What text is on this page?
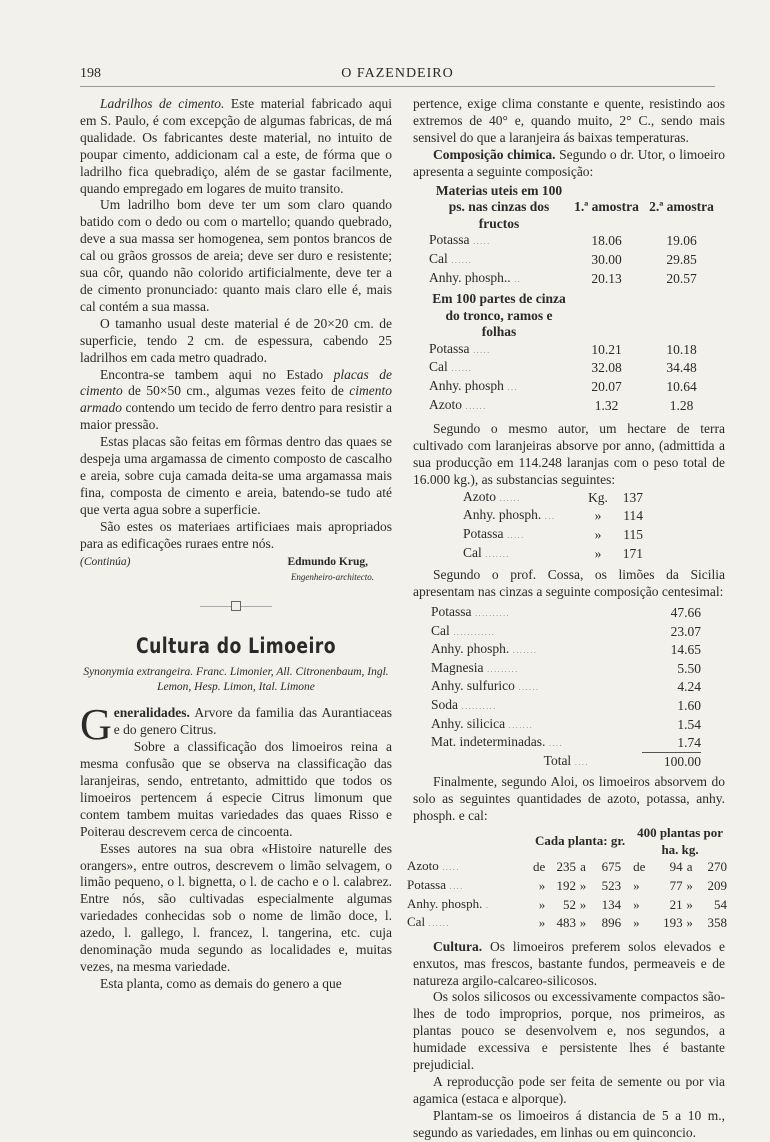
198	O FAZENDEIRO

Ladrilhos de cimento. Este material fabricado aqui em S. Paulo, é com excepção de algumas fabricas, de má qualidade. Os fabricantes deste material, no intuito de poupar cimento, addicionam cal a este, de fórma que o ladrilho fica quebradiço, além de se gastar facilmente, quando empregado em logares de muito transito.

Um ladrilho bom deve ter um som claro quando batido com o dedo ou com o martello; quando quebrado, deve a sua massa ser homogenea, sem pontos brancos de cal ou grãos grossos de areia; deve ser duro e resistente; sua côr, quando não colorido artificialmente, deve ter a de cimento pronunciado: quanto mais claro elle é, mais cal contém a sua massa.

O tamanho usual deste material é de 20×20 cm. de superficie, tendo 2 cm. de espessura, cabendo 25 ladrilhos em cada metro quadrado.

Encontra-se tambem aqui no Estado placas de cimento de 50×50 cm., algumas vezes feito de cimento armado contendo um tecido de ferro dentro para resistir a maior pressão.

Estas placas são feitas em fôrmas dentro das quaes se despeja uma argamassa de cimento composto de cascalho e areia, sobre cuja camada deita-se uma argamassa mais fina, composta de cimento e areia, batendo-se tudo até que verta agua sobre a superficie.

São estes os materiaes artificiaes mais apropriados para as edificações ruraes entre nós.

(Continúa)	Edmundo Krug,
Engenheiro-architecto.
Cultura do Limoeiro
Synonymia extrangeira. Franc. Limonier, All. Citronenbaum, Ingl. Lemon, Hesp. Limon, Ital. Limone

Generalidades. Arvore da familia das Aurantiaceas e do genero Citrus.

Sobre a classificação dos limoeiros reina a mesma confusão que se observa na classificação das laranjeiras, sendo, entretanto, admittido que todos os limoeiros pertencem á especie Citrus limonum que contem tambem muitas variedades das quaes Risso e Poiterau descrevem cerca de cincoenta.

Esses autores na sua obra «Histoire naturelle des orangers», entre outros, descrevem o limão selvagem, o limão pequeno, o l. bignetta, o l. de cacho e o l. calabrez. Entre nós, são cultivadas especialmente algumas variedades conhecidas sob o nome de limão doce, l. azedo, l. gallego, l. francez, l. tangerina, etc. cuja denominação muda segundo as localidades e, muitas vezes, na mesma variedade.

Esta planta, como as demais do genero a que

pertence, exige clima constante e quente, resistindo aos extremos de 40° e, quando muito, 2° C., sendo mais sensivel do que a laranjeira ás baixas temperaturas.

Composição chimica. Segundo o dr. Utor, o limoeiro apresenta a seguinte composição:

Materias uteis em 100 ps. nas cinzas dos fructos	1.ª amostra	2.ª amostra
Potassa . . . . .	18.06	19.06
Cal . . . . . .	30.00	29.85
Anhy. phosph.. . .	20.13	20.57
Em 100 partes de cinza do tronco, ramos e folhas		
Potassa . . . . .	10.21	10.18
Cal . . . . . .	32.08	34.48
Anhy. phosph . . .	20.07	10.64
Azoto . . . . . .	1.32	1.28

Segundo o mesmo autor, um hectare de terra cultivado com laranjeiras absorve por anno, (admittida a sua producção em 114.248 laranjas com o peso total de 16.000 kg.), as substancias seguintes:

Azoto . . . . . .	Kg.	137
Anhy. phosph. . . .	»	114
Potassa . . . . .	»	115
Cal . . . . . . .	»	171

Segundo o prof. Cossa, os limões da Sicilia apresentam nas cinzas a seguinte composição centesimal:

Potassa . . . . . . . . . .	47.66
Cal . . . . . . . . . . . .	23.07
Anhy. phosph. . . . . . . .	14.65
Magnesia . . . . . . . . .	5.50
Anhy. sulfurico . . . . . .	4.24
Soda . . . . . . . . . .	1.60
Anhy. silicica . . . . . . .	1.54
Mat. indeterminadas. . . . .	1.74
Total . . . .	100.00

Finalmente, segundo Aloi, os limoeiros absorvem do solo as seguintes quantidades de azoto, potassa, anhy. phosph. e cal:

	Cada planta: gr.				400 plantas por ha. kg.			
Azoto . . . . .	de	235	a	675	de	94	a	270
Potassa . . . .	»	192	»	523	»	77	»	209
Anhy. phosph. .	»	52	»	134	»	21	»	54
Cal . . . . . .	»	483	»	896	»	193	»	358

Cultura. Os limoeiros preferem solos elevados e enxutos, mas frescos, bastante fundos, permeaveis e de natureza argilo-calcareo-silicosos.

Os solos silicosos ou excessivamente compactos são-lhes de todo improprios, porque, nos primeiros, as plantas pouco se desenvolvem e, nos segundos, a humidade excessiva e persistente lhes é bastante prejudicial.

A reproducção pode ser feita de semente ou por via agamica (estaca e alporque).

Plantam-se os limoeiros á distancia de 5 a 10 m., segundo as variedades, em linhas ou em quinconcio.
